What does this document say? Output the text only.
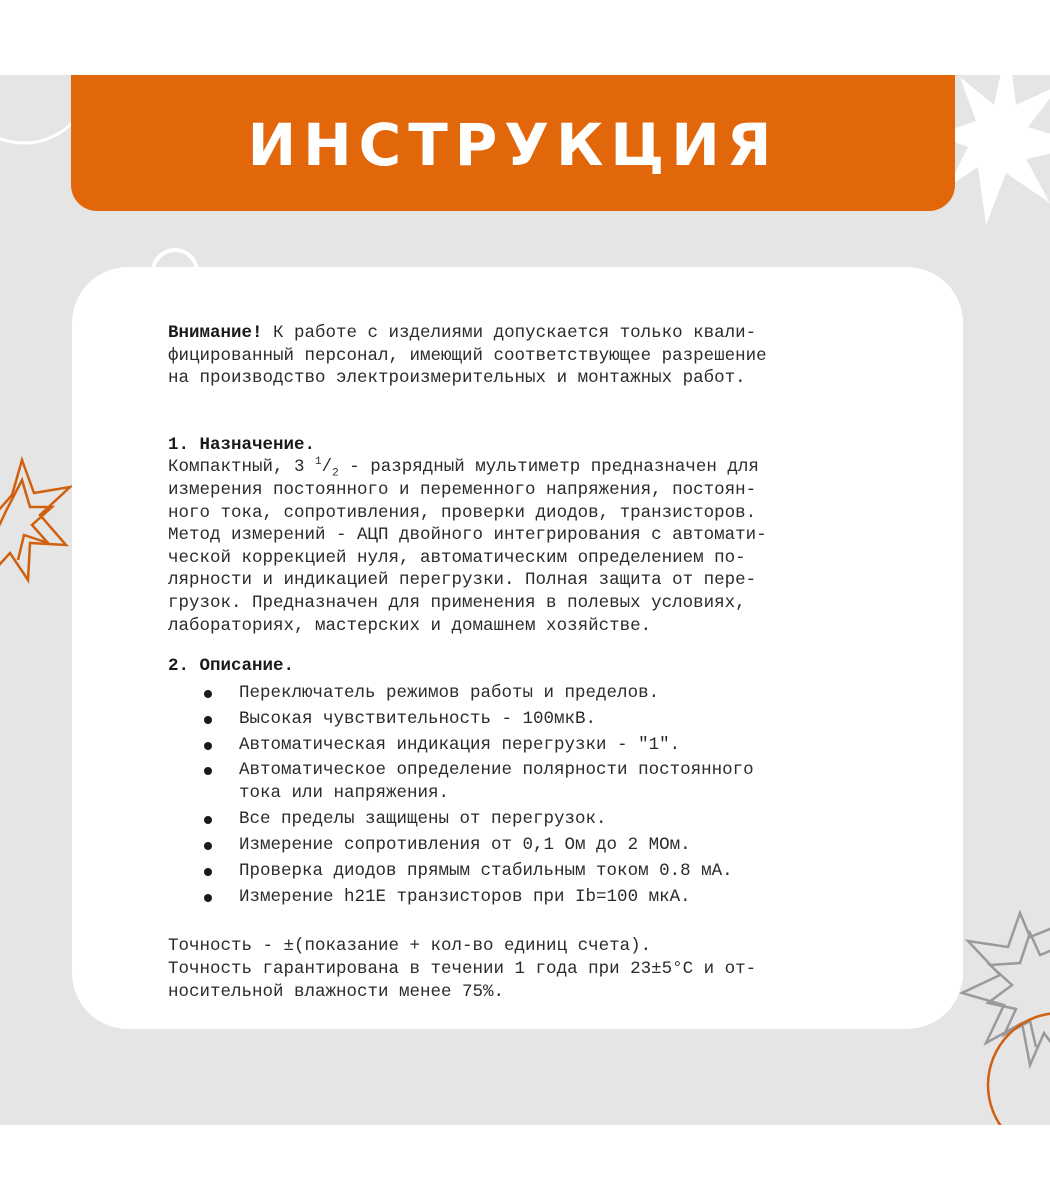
ИНСТРУКЦИЯ

Внимание! К работе с изделиями допускается только квали-

фицированный персонал, имеющий соответствующее разрешение

на производство электроизмерительных и монтажных работ.

1. Назначение.

Компактный, 3 $^1/_2$ - разрядный мультиметр предназначен для

измерения постоянного и переменного напряжения, постоян-

ного тока, сопротивления, проверки диодов, транзисторов.

Метод измерений - АЦП двойного интегрирования с автомати-

ческой коррекцией нуля, автоматическим определением по-

лярности и индикацией перегрузки. Полная защита от пере-

грузок. Предназначен для применения в полевых условиях,

лабораториях, мастерских и домашнем хозяйстве.

2. Описание.

Переключатель режимов работы и пределов.
Высокая чувствительность - 100мкВ.
Автоматическая индикация перегрузки - "1".
Автоматическое определение полярности постоянного
тока или напряжения.
Все пределы защищены от перегрузок.
Измерение сопротивления от 0,1 Ом до 2 МОм.
Проверка диодов прямым стабильным током 0.8 мА.
Измерение h21E транзисторов при Ib=100 мкА.

Точность - ±(показание + кол-во единиц счета).

Точность гарантирована в течении 1 года при 23±5°С и от-

носительной влажности менее 75%.
